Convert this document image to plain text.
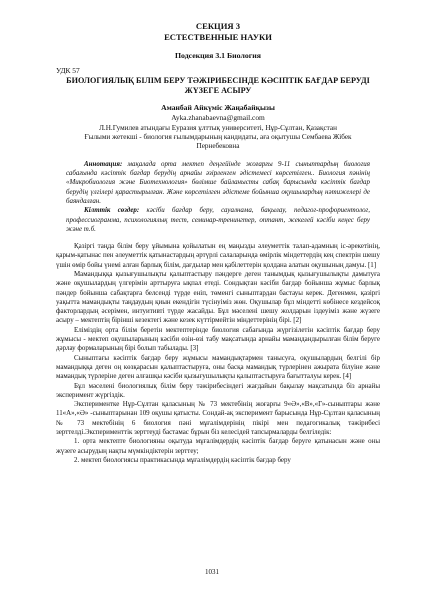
СЕКЦИЯ 3
ЕСТЕСТВЕННЫЕ НАУКИ
Подсекция 3.1 Биология
УДК 57
БИОЛОГИЯЛЫҚ БІЛІМ БЕРУ ТӘЖІРИБЕСІНДЕ КӘСІПТІК БАҒДАР БЕРУДІ
ЖҮЗЕГЕ АСЫРУ
Аманбай Айкүміс Жаңабайқызы
Ayka.zhanabaevna@gmail.com
Л.Н.Гумилев атындағы Еуразия ұлттық университеті, Нұр-Сұлтан, Қазақстан
Ғылыми жетекші - биология ғылымдарының кандидаты, аға оқытушы Сембаева Жібек
Пернебековна

Аннотация: мақалада орта мектеп деңгейінде жоғарғы 9-11 сыныптардың биология сабағында кәсіптік бағдар берудің арнайы әзірленген әдістемесі көрсетілген.. Биология пәнінің «Микробиология және Биотехнология» бөлімше байланысты сабақ барысында кәсіптік бағдар берудің үлгілері қарастырылған. Және көрсетілген әдістеме бойынша оқушылардың нәтижелері де баяндалған.

Кілттік сөздер: кәсіби бағдар беру, сауалнама, бақылау, педагог-профориентолог, профессиограмма, психологиялық тест, семинар-тренингтер, оптант, жекелей кәсіби кеңес беру және т.б.

Қазіргі таңда білім беру ұйымына қойылатын ең маңызды әлеуметтік талап-адамның іс-әрекетінің, қарым-қатынас пен әлеуметтік қатынастардың әртүрлі салаларында өмірлік міндеттердің кең спектрін шешу үшін өмір бойы үнемі алған барлық білім, дағдылар мен қабілеттерін қолдана алатын оқушының дамуы. [1]

Мамандыққа қызығушылықты қалыптастыру пәндерге деген танымдық қызығушылықты дамытуға және оқушылардың үлгерімін арттыруға ықпал етеді. Сондықтан кәсіби бағдар бойынша жұмыс барлық пәндер бойынша сабақтарға белсенді түрде еніп, төменгі сыныптардан бастауы керек. Дегенмен, қазіргі уақытта мамандықты таңдаудың қиын екендігін түсінуіміз жөн. Оқушылар бұл міндетті көбінесе кездейсоқ факторлардың әсерімен, интуитивті түрде жасайды. Бұл мәселені шешу жолдарын іздеуіміз және жүзеге асыру – мектептің бірінші кезектегі және кезек күттірмейтін міндеттерінің бірі. [2]

Еліміздің орта білім беретін мектептерінде биология сабағында жүргізілетін кәсіптік бағдар беру жұмысы - мектеп оқушыларының кәсіби өзін-өзі табу мақсатында арнайы мамандандырылған білім беруге дәрлау формаларының бірі болып табылады. [3]

Сыныптағы кәсіптік бағдар беру жұмысы мамандықтармен танысуға, оқушылардың белгілі бір мамандыққа деген оң көзқарасын қалыптастыруға, оны басқа мамандық түрлерінен ажырата білуіне және мамандық түрлеріне деген алғашқы кәсіби қызығушылықты қалыптастыруға бағытталуы керек. [4]

Бұл мәселені биологиялық білім беру тәжірибесіндегі жағдайын бақылау мақсатында біз арнайы эксперимент жүргіздік.

Экспериментке Нұр-Сұлтан қаласының № 73 мектебінің жоғарғы 9«Ә»,«В»,«Г»-сыныптары және 11«А»,«Ә» -сыныптарынан 109 оқушы қатысты. Сондай-ақ эксперимент барысында Нұр-Сұлтан қаласының № 73 мектебінің 6 биология пәні мұғалімдерінің пікірі мен педагогикалық тәжірибесі зерттелді.Эксперименттік зерттеуді бастамас бұрын біз келесідей тапсырмаларды белгіледік:

1. орта мектепте биологияны оқытуда мұғалімдердің кәсіптік бағдар беруге қатынасын және оны жүзеге асырудың нақты мүмкіндіктерін зерттеу;

2. мектеп биологиясы практикасында мұғалімдердің кәсіптік бағдар беру

1031
